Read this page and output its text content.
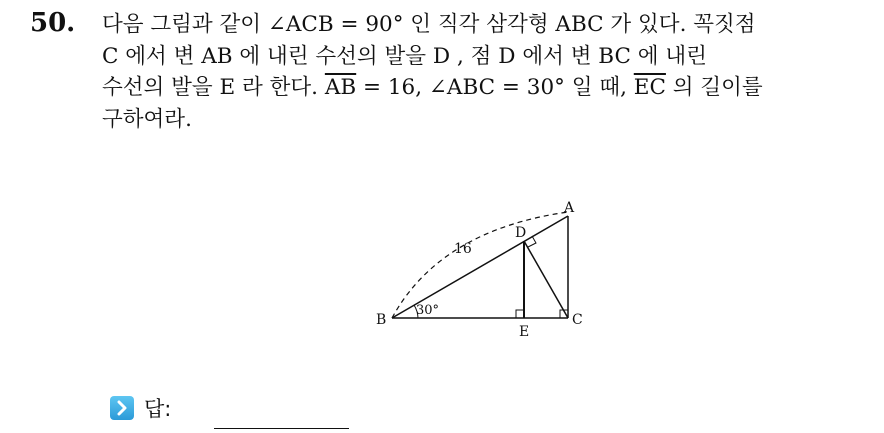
50. 다음 그림과 같이 ∠ACB = 90° 인 직각 삼각형 ABC 가 있다. 꼭짓점
C 에서 변 AB 에 내린 수선의 발을 D , 점 D 에서 변 BC 에 내린
수선의 발을 E 라 한다. $\overline{AB} = 16$, ∠ABC = 30° 일 때, $\overline{EC}$ 의 길이를
구하여라.
A
B	C
D
E
16
30°
답:
